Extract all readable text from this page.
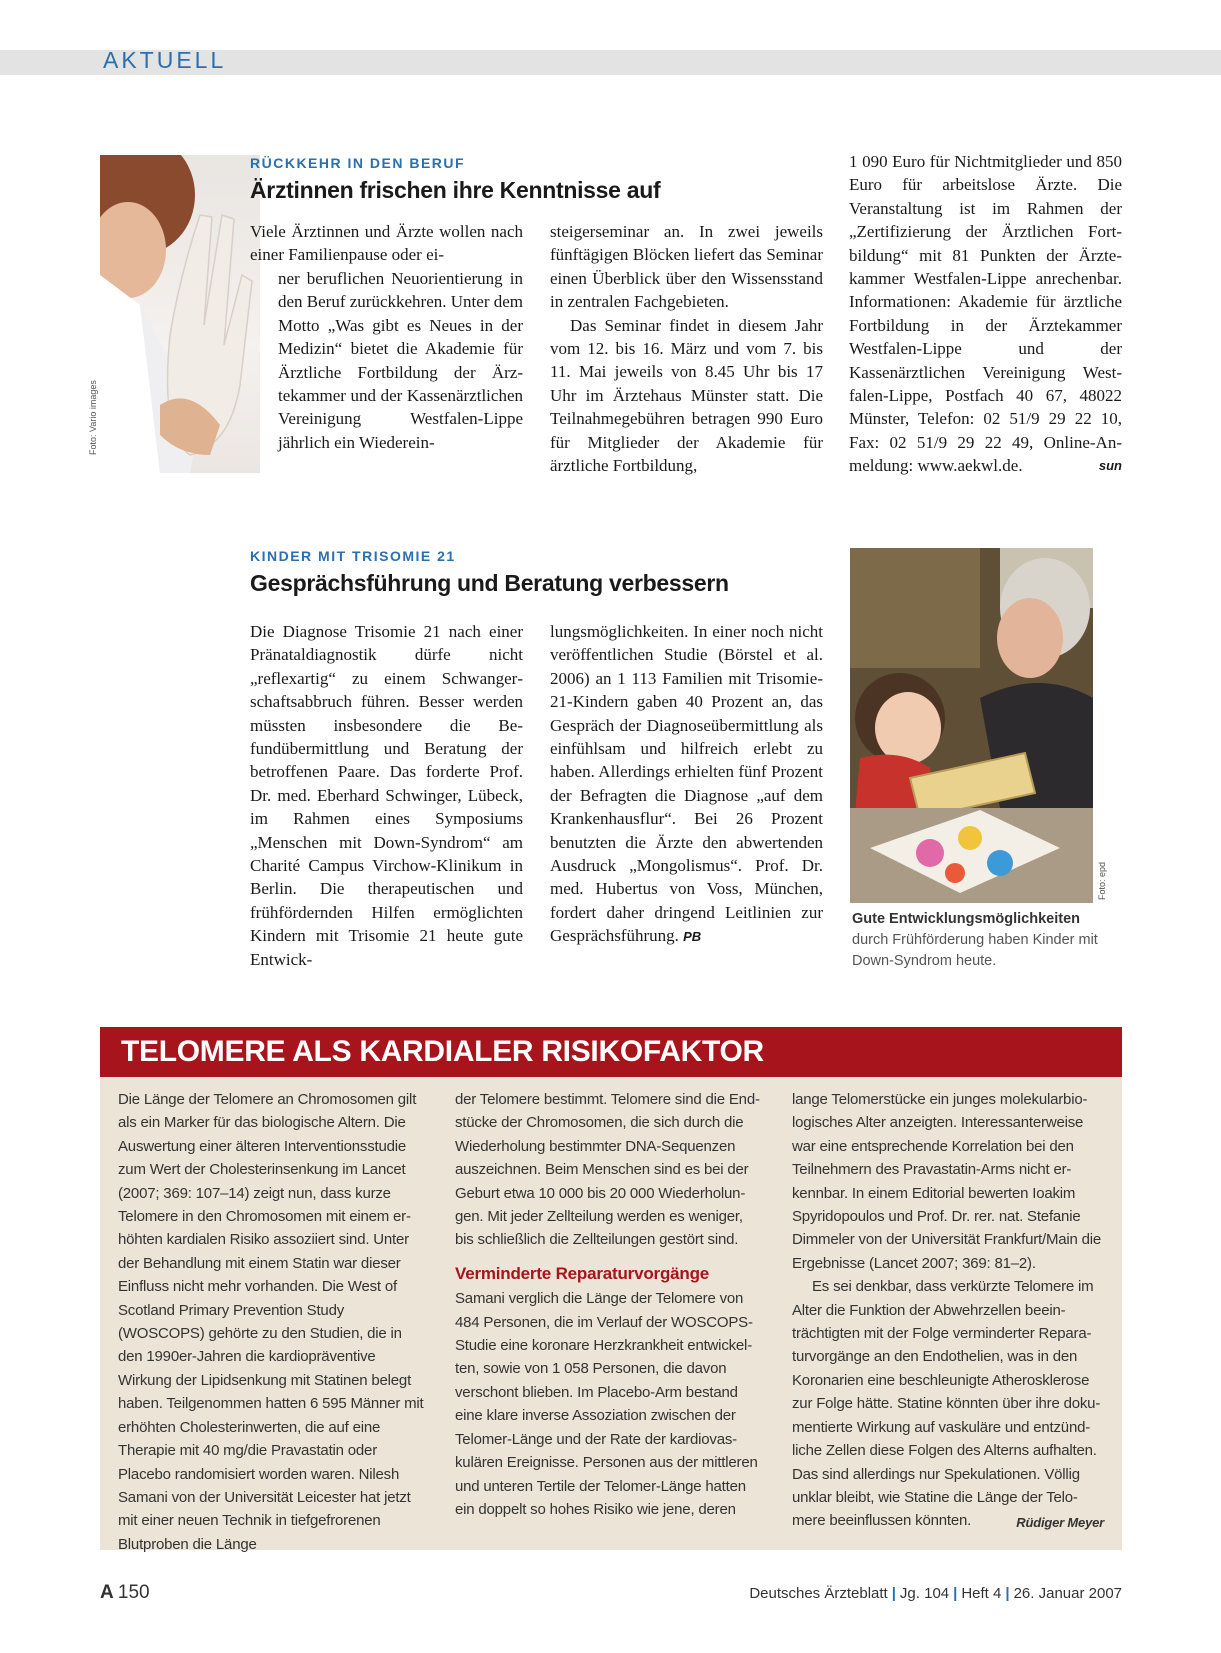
AKTUELL
Foto: Vario images
RÜCKKEHR IN DEN BERUF
Ärztinnen frischen ihre Kenntnisse auf

Viele Ärztinnen und Ärzte wollen nach einer Familienpause oder ei-

ner beruflichen Neuorientierung in den Beruf zurückkehren. Unter dem Motto „Was gibt es Neues in der Medizin“ bietet die Akademie für Ärztliche Fortbildung der Ärztekammer und der Kassenärztlichen Vereinigung Westfalen-Lippe jährlich ein Wiederein-

steigerseminar an. In zwei jeweils fünftägigen Blöcken liefert das Seminar einen Überblick über den Wissensstand in zentralen Fachgebieten.

Das Seminar findet in diesem Jahr vom 12. bis 16. März und vom 7. bis 11. Mai jeweils von 8.45 Uhr bis 17 Uhr im Ärztehaus Münster statt. Die Teilnahmegebühren betragen 990 Euro für Mitglieder der Akademie für ärztliche Fortbildung,

1 090 Euro für Nichtmitglieder und 850 Euro für arbeitslose Ärzte. Die Veranstaltung ist im Rahmen der „Zertifizierung der Ärztlichen Fortbildung“ mit 81 Punkten der Ärztekammer Westfalen-Lippe anrechenbar. Informationen: Akademie für ärztliche Fortbildung in der Ärztekammer Westfalen-Lippe und der Kassenärztlichen Vereinigung Westfalen-Lippe, Postfach 40 67, 48022 Münster, Telefon: 02 51/9 29 22 10, Fax: 02 51/9 29 22 49, Online-Anmeldung: www.aekwl.de.	sun

KINDER MIT TRISOMIE 21
Gesprächsführung und Beratung verbessern

Die Diagnose Trisomie 21 nach einer Pränataldiagnostik dürfe nicht „reflexartig“ zu einem Schwangerschaftsabbruch führen. Besser werden müssten insbesondere die Befundübermittlung und Beratung der betroffenen Paare. Das forderte Prof. Dr. med. Eberhard Schwinger, Lübeck, im Rahmen eines Symposiums „Menschen mit Down-Syndrom“ am Charité Campus Virchow-Klinikum in Berlin. Die therapeutischen und frühfördernden Hilfen ermöglichten Kindern mit Trisomie 21 heute gute Entwick-

lungsmöglichkeiten. In einer noch nicht veröffentlichen Studie (Börstel et al. 2006) an 1 113 Familien mit Trisomie-21-Kindern gaben 40 Prozent an, das Gespräch der Diagnoseübermittlung als einfühlsam und hilfreich erlebt zu haben. Allerdings erhielten fünf Prozent der Befragten die Diagnose „auf dem Krankenhausflur“. Bei 26 Prozent benutzten die Ärzte den abwertenden Ausdruck „Mongolismus“. Prof. Dr. med. Hubertus von Voss, München, fordert daher dringend Leitlinien zur Gesprächsführung. PB

Foto: epd
Gute Entwicklungsmöglichkeiten durch Frühförderung haben Kinder mit Down-Syndrom heute.
TELOMERE ALS KARDIALER RISIKOFAKTOR

Die Länge der Telomere an Chromosomen gilt als ein Marker für das biologische Altern. Die Auswertung einer älteren Interventionsstudie zum Wert der Cholesterinsenkung im Lancet (2007; 369: 107–14) zeigt nun, dass kurze Telomere in den Chromosomen mit einem erhöhten kardialen Risiko assoziiert sind. Unter der Behandlung mit einem Statin war dieser Einfluss nicht mehr vorhanden. Die West of Scotland Primary Prevention Study (WOSCOPS) gehörte zu den Studien, die in den 1990er-Jahren die kardiopräventive Wirkung der Lipidsenkung mit Statinen belegt haben. Teilgenommen hatten 6 595 Männer mit erhöhten Cholesterinwerten, die auf eine Therapie mit 40 mg/die Pravastatin oder Placebo randomisiert worden waren. Nilesh Samani von der Universität Leicester hat jetzt mit einer neuen Technik in tiefgefrorenen Blutproben die Länge

der Telomere bestimmt. Telomere sind die Endstücke der Chromosomen, die sich durch die Wiederholung bestimmter DNA-Sequenzen auszeichnen. Beim Menschen sind es bei der Geburt etwa 10 000 bis 20 000 Wiederholungen. Mit jeder Zellteilung werden es weniger, bis schließlich die Zellteilungen gestört sind.

Verminderte Reparaturvorgänge

Samani verglich die Länge der Telomere von 484 Personen, die im Verlauf der WOSCOPS-Studie eine koronare Herzkrankheit entwickelten, sowie von 1 058 Personen, die davon verschont blieben. Im Placebo-Arm bestand eine klare inverse Assoziation zwischen der Telomer-Länge und der Rate der kardiovaskulären Ereignisse. Personen aus der mittleren und unteren Tertile der Telomer-Länge hatten ein doppelt so hohes Risiko wie jene, deren

lange Telomerstücke ein junges molekularbiologisches Alter anzeigten. Interessanterweise war eine entsprechende Korrelation bei den Teilnehmern des Pravastatin-Arms nicht erkennbar. In einem Editorial bewerten Ioakim Spyridopoulos und Prof. Dr. rer. nat. Stefanie Dimmeler von der Universität Frankfurt/Main die Ergebnisse (Lancet 2007; 369: 81–2).

Es sei denkbar, dass verkürzte Telomere im Alter die Funktion der Abwehrzellen beeinträchtigten mit der Folge verminderter Reparaturvorgänge an den Endothelien, was in den Koronarien eine beschleunigte Atherosklerose zur Folge hätte. Statine könnten über ihre dokumentierte Wirkung auf vaskuläre und entzündliche Zellen diese Folgen des Alterns aufhalten. Das sind allerdings nur Spekulationen. Völlig unklar bleibt, wie Statine die Länge der Telomere beeinflussen könnten.	Rüdiger Meyer

A 150	Deutsches Ärzteblatt | Jg. 104 | Heft 4 | 26. Januar 2007
